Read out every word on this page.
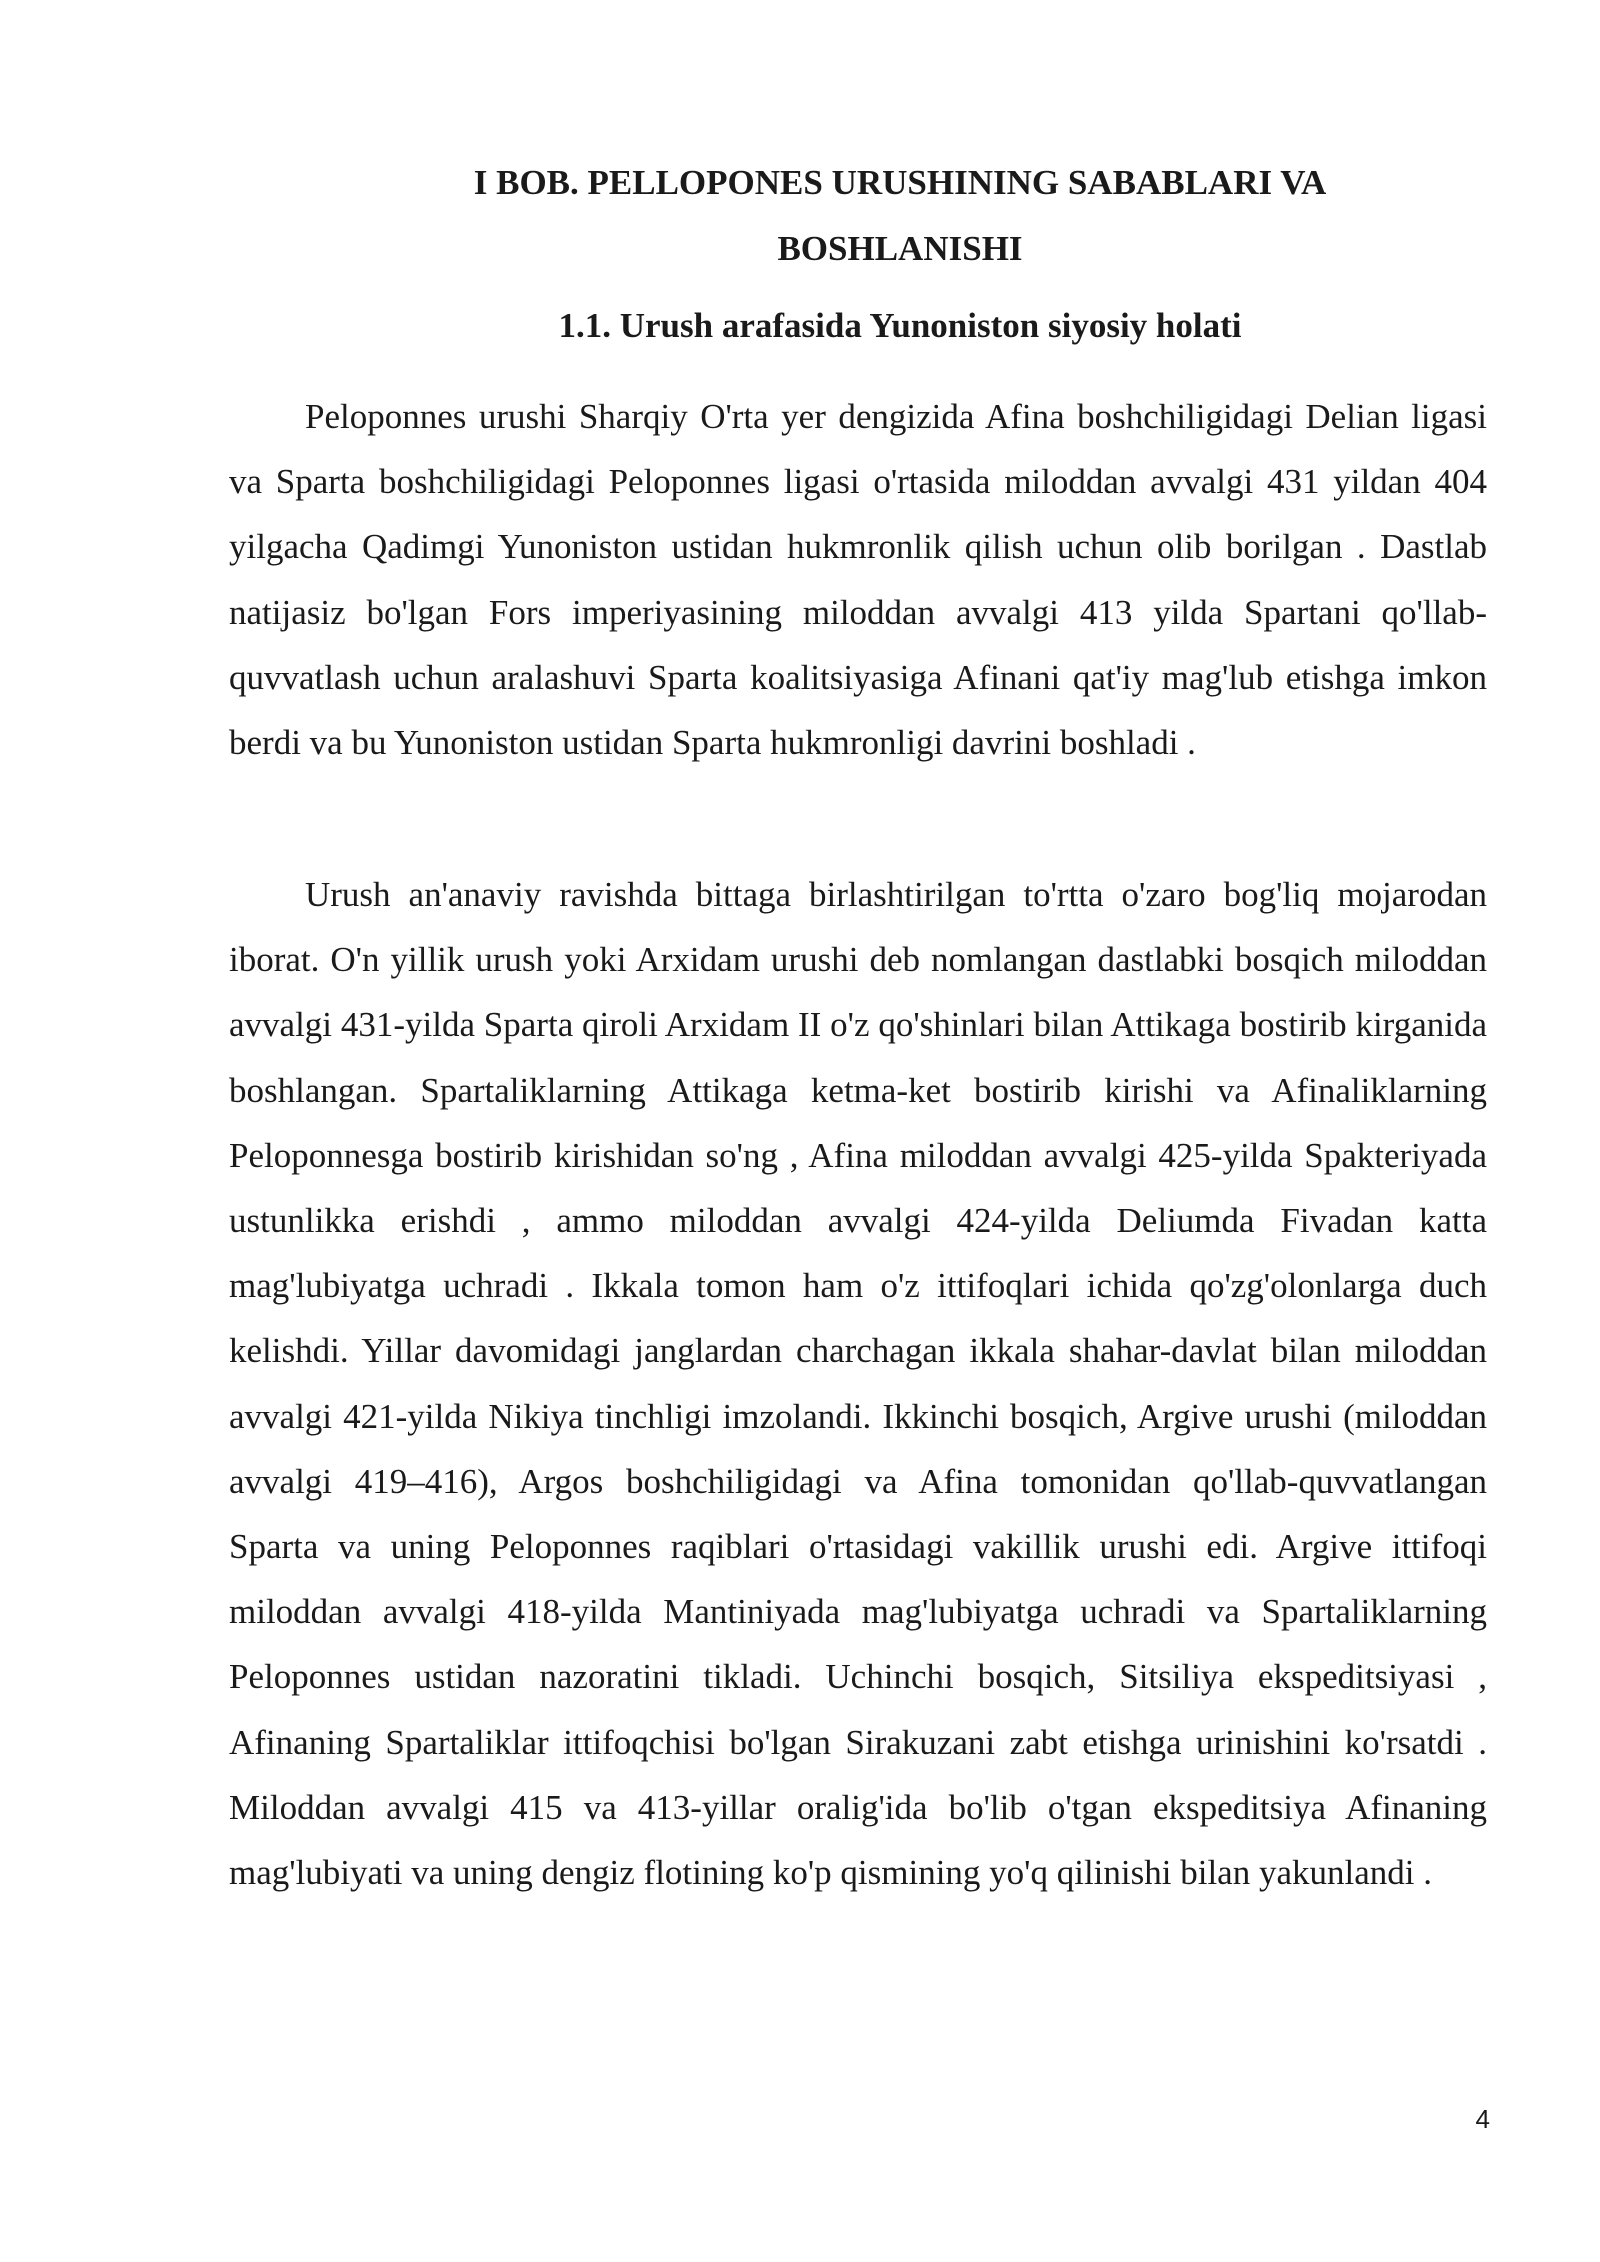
I BOB. PELLOPONES URUSHINING SABABLARI VA
BOSHLANISHI
1.1. Urush arafasida Yunoniston siyosiy holati

Peloponnes urushi Sharqiy O'rta yer dengizida Afina boshchiligidagi Delian ligasi va Sparta boshchiligidagi Peloponnes ligasi o'rtasida miloddan avvalgi 431 yildan 404 yilgacha Qadimgi Yunoniston ustidan hukmronlik qilish uchun olib borilgan . Dastlab natijasiz bo'lgan Fors imperiyasining miloddan avvalgi 413 yilda Spartani qo'llab-quvvatlash uchun aralashuvi Sparta koalitsiyasiga Afinani qat'iy mag'lub etishga imkon berdi va bu Yunoniston ustidan Sparta hukmronligi davrini boshladi .

Urush an'anaviy ravishda bittaga birlashtirilgan to'rtta o'zaro bog'liq mojarodan iborat. O'n yillik urush yoki Arxidam urushi deb nomlangan dastlabki bosqich miloddan avvalgi 431-yilda Sparta qiroli Arxidam II o'z qo'shinlari bilan Attikaga bostirib kirganida boshlangan. Spartaliklarning Attikaga ketma-ket bostirib kirishi va Afinaliklarning Peloponnesga bostirib kirishidan so'ng , Afina miloddan avvalgi 425-yilda Spakteriyada ustunlikka erishdi , ammo miloddan avvalgi 424-yilda Deliumda Fivadan katta mag'lubiyatga uchradi . Ikkala tomon ham o'z ittifoqlari ichida qo'zg'olonlarga duch kelishdi. Yillar davomidagi janglardan charchagan ikkala shahar-davlat bilan miloddan avvalgi 421-yilda Nikiya tinchligi imzolandi. Ikkinchi bosqich, Argive urushi (miloddan avvalgi 419–416), Argos boshchiligidagi va Afina tomonidan qo'llab-quvvatlangan Sparta va uning Peloponnes raqiblari o'rtasidagi vakillik urushi edi. Argive ittifoqi miloddan avvalgi 418-yilda Mantiniyada mag'lubiyatga uchradi va Spartaliklarning Peloponnes ustidan nazoratini tikladi. Uchinchi bosqich, Sitsiliya ekspeditsiyasi , Afinaning Spartaliklar ittifoqchisi bo'lgan Sirakuzani zabt etishga urinishini ko'rsatdi . Miloddan avvalgi 415 va 413-yillar oralig'ida bo'lib o'tgan ekspeditsiya Afinaning mag'lubiyati va uning dengiz flotining ko'p qismining yo'q qilinishi bilan yakunlandi .

4
